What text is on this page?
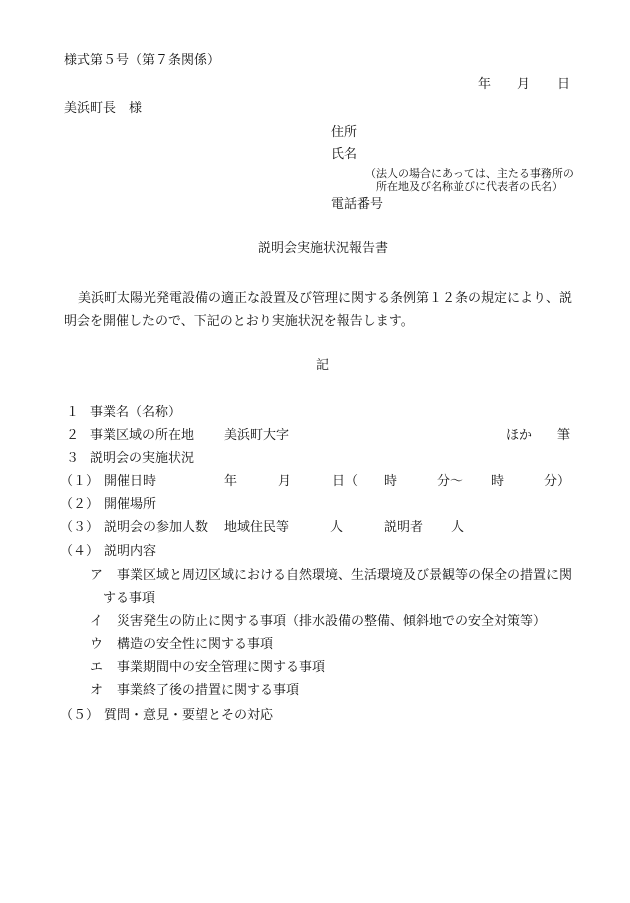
様式第５号（第７条関係）
年 月 日
美浜町長　様
住所
氏名
（法人の場合にあっては、主たる事務所の
所在地及び名称並びに代表者の氏名）
電話番号
説明会実施状況報告書
美浜町太陽光発電設備の適正な設置及び管理に関する条例第１２条の規定により、説
明会を開催したので、下記のとおり実施状況を報告します。
記
１ 事業名（名称）
２ 事業区域の所在地 美浜町大字	ほか 筆
３ 説明会の実施状況
（１） 開催日時	年	月	日（ 時	分～ 時	分）
（２） 開催場所
（３） 説明会の参加人数 地域住民等	人	説明者 人
（４） 説明内容
ア 事業区域と周辺区域における自然環境、生活環境及び景観等の保全の措置に関
する事項
イ 災害発生の防止に関する事項（排水設備の整備、傾斜地での安全対策等）
ウ 構造の安全性に関する事項
エ 事業期間中の安全管理に関する事項
オ 事業終了後の措置に関する事項
（５） 質問・意見・要望とその対応
